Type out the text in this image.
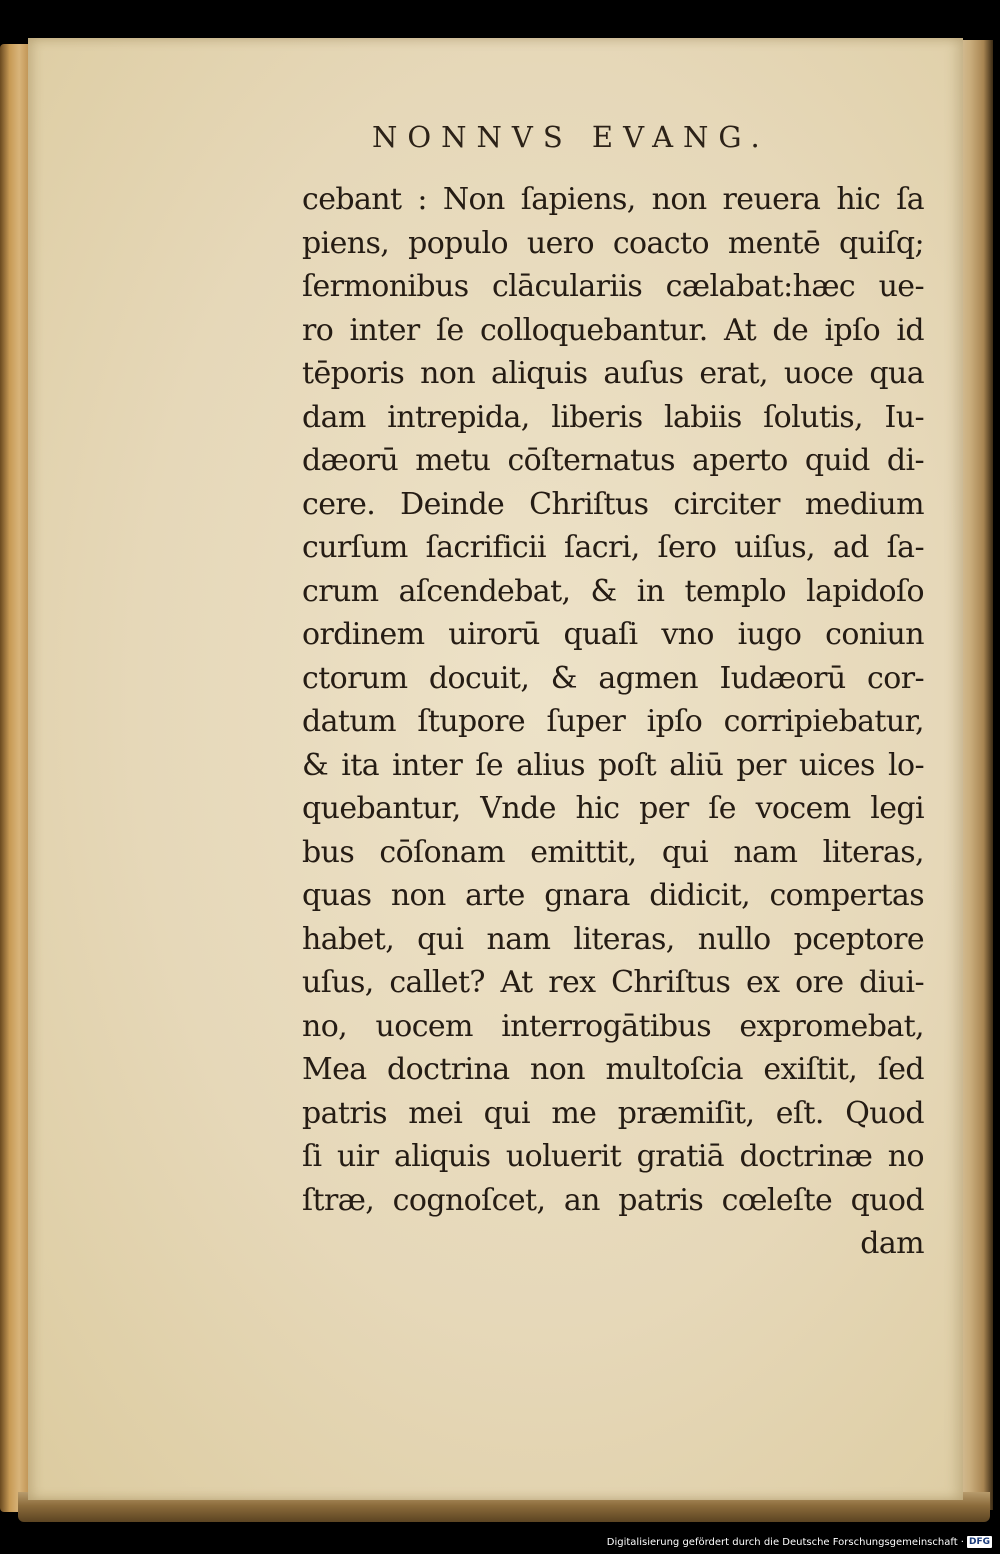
NONNVS EVANG.
cebant : Non ſapiens, non reuera hic ſa
piens, populo uero coacto mentē quiſq;
ſermonibus clāculariis cælabat:hæc ue-
ro inter ſe colloquebantur. At de ipſo id
tēporis non aliquis auſus erat, uoce qua
dam intrepida, liberis labiis ſolutis, Iu-
dæorū metu cōſternatus aperto quid di-
cere. Deinde Chriſtus circiter medium
curſum ſacrificii ſacri, ſero uiſus, ad ſa-
crum aſcendebat, & in templo lapidoſo
ordinem uirorū quaſi vno iugo coniun
ctorum docuit, & agmen Iudæorū cor-
datum ſtupore ſuper ipſo corripiebatur,
& ita inter ſe alius poſt aliū per uices lo-
quebantur, Vnde hic per ſe vocem legi
bus cōſonam emittit, qui nam literas,
quas non arte gnara didicit, compertas
habet, qui nam literas, nullo pceptore
uſus, callet? At rex Chriſtus ex ore diui-
no, uocem interrogātibus expromebat,
Mea doctrina non multoſcia exiſtit, ſed
patris mei qui me præmiſit, eſt. Quod
ſi uir aliquis uoluerit gratiā doctrinæ no
ſtræ, cognoſcet, an patris cœleſte quod
dam
Digitalisierung gefördert durch die Deutsche Forschungsgemeinschaft · DFG
